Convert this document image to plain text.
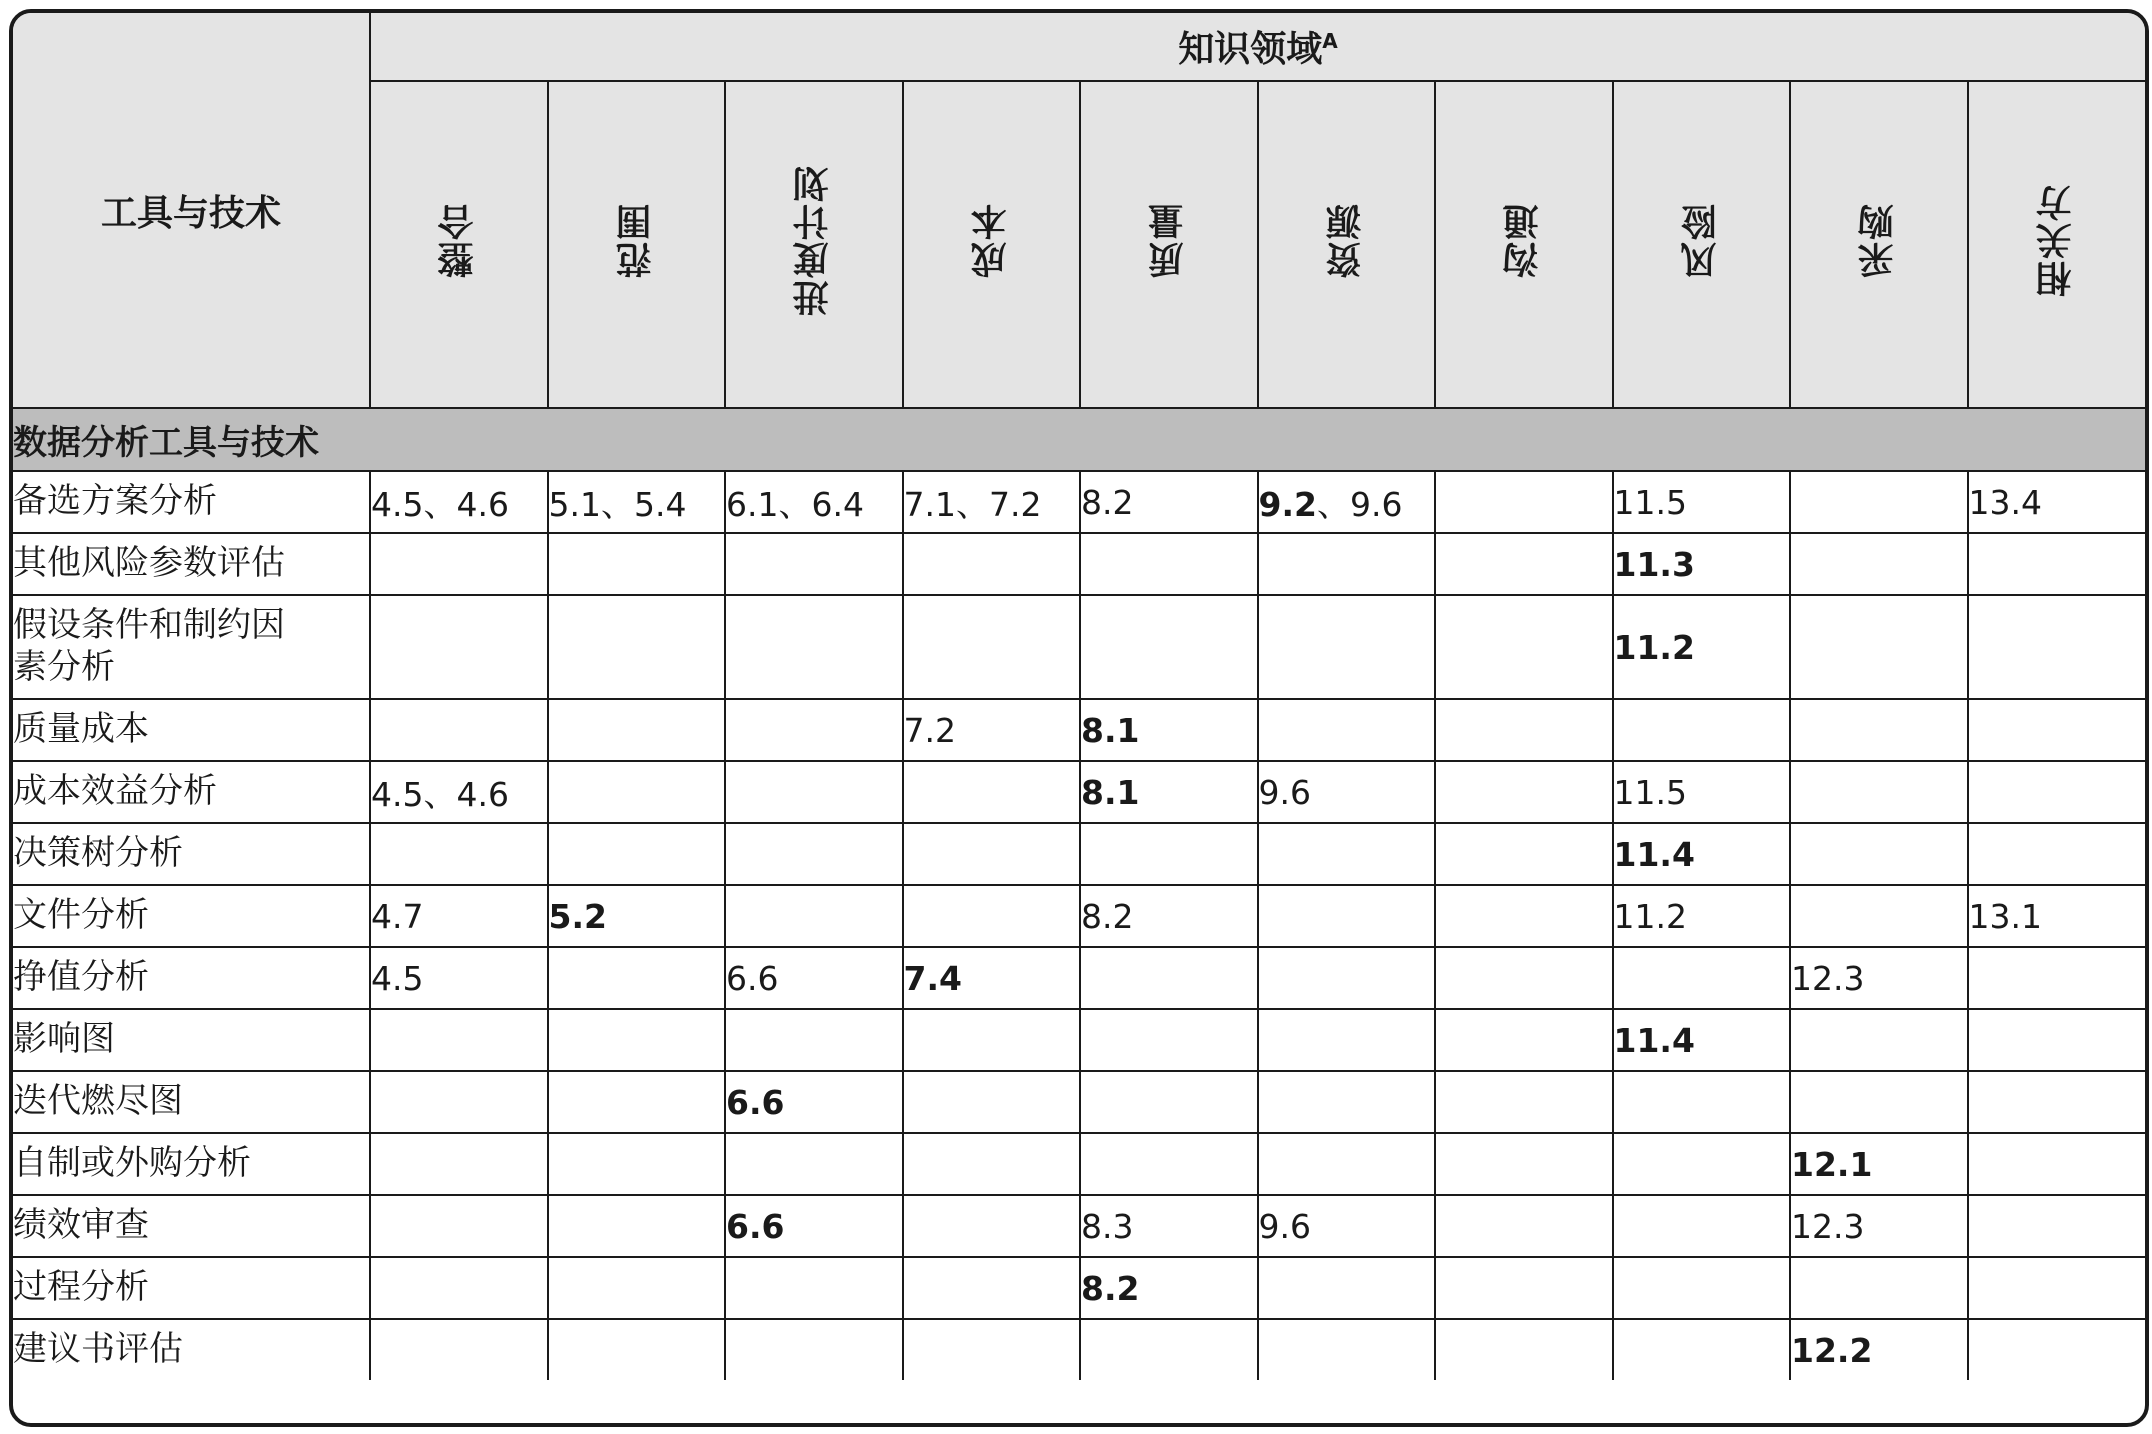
工具与技术	知识领域$^A$
	整合	范围	进度计划	成本	质量	资源	沟通	风险	采购	相关方
数据分析工具与技术										
备选方案分析	4.5、4.6	5.1、5.4	6.1、6.4	7.1、7.2	8.2	9.2、9.6		11.5		13.4
其他风险参数评估								11.3		
假设条件和制约因素分析								11.2		
质量成本				7.2	8.1					
成本效益分析	4.5、4.6				8.1	9.6		11.5		
决策树分析								11.4		
文件分析	4.7	5.2			8.2			11.2		13.1
挣值分析	4.5		6.6	7.4					12.3	
影响图								11.4		
迭代燃尽图			6.6							
自制或外购分析									12.1	
绩效审查			6.6		8.3	9.6			12.3	
过程分析					8.2					
建议书评估									12.2	
